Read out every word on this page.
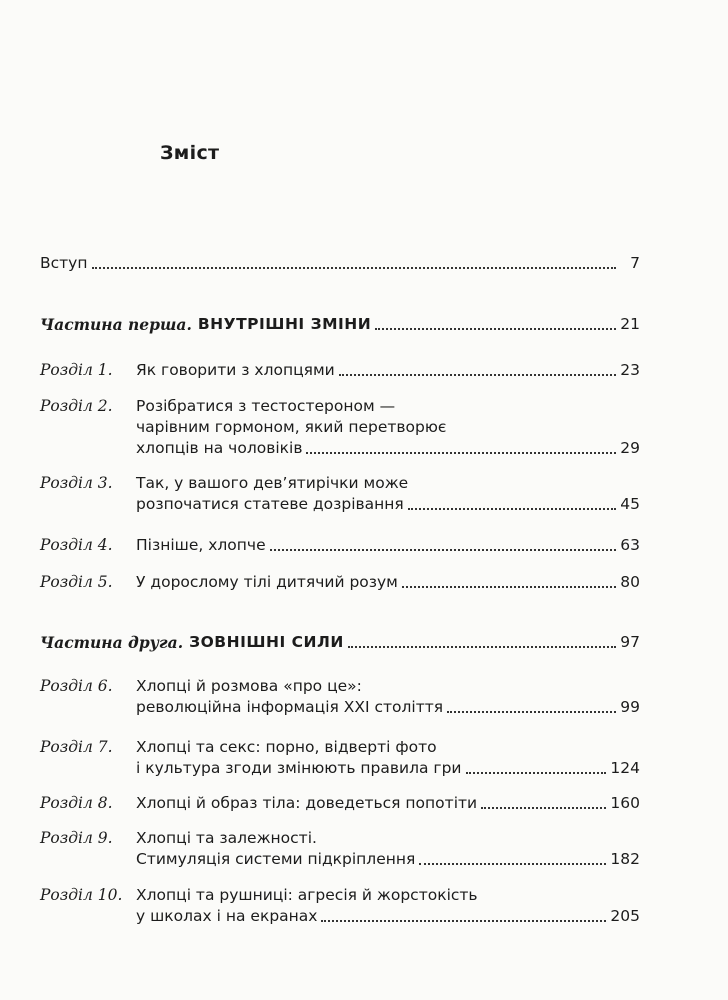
Зміст
Вступ	7
Частина перша. ВНУТРІШНІ ЗМІНИ	21
Розділ 1.	Як говорити з хлопцями	23
Розділ 2.	Розібратися з тестостероном —
чарівним гормоном, який перетворює
хлопців на чоловіків	29
Розділ 3.	Так, у вашого дев’ятирічки може
розпочатися статеве дозрівання	45
Розділ 4.	Пізніше, хлопче	63
Розділ 5.	У дорослому тілі дитячий розум	80
Частина друга. ЗОВНІШНІ СИЛИ	97
Розділ 6.	Хлопці й розмова «про це»:
революційна інформація XXI століття	99
Розділ 7.	Хлопці та секс: порно, відверті фото
і культура згоди змінюють правила гри	124
Розділ 8.	Хлопці й образ тіла: доведеться попотіти	160
Розділ 9.	Хлопці та залежності.
Стимуляція системи підкріплення	182
Розділ 10. Хлопці та рушниці: агресія й жорстокість
у школах і на екранах	205
